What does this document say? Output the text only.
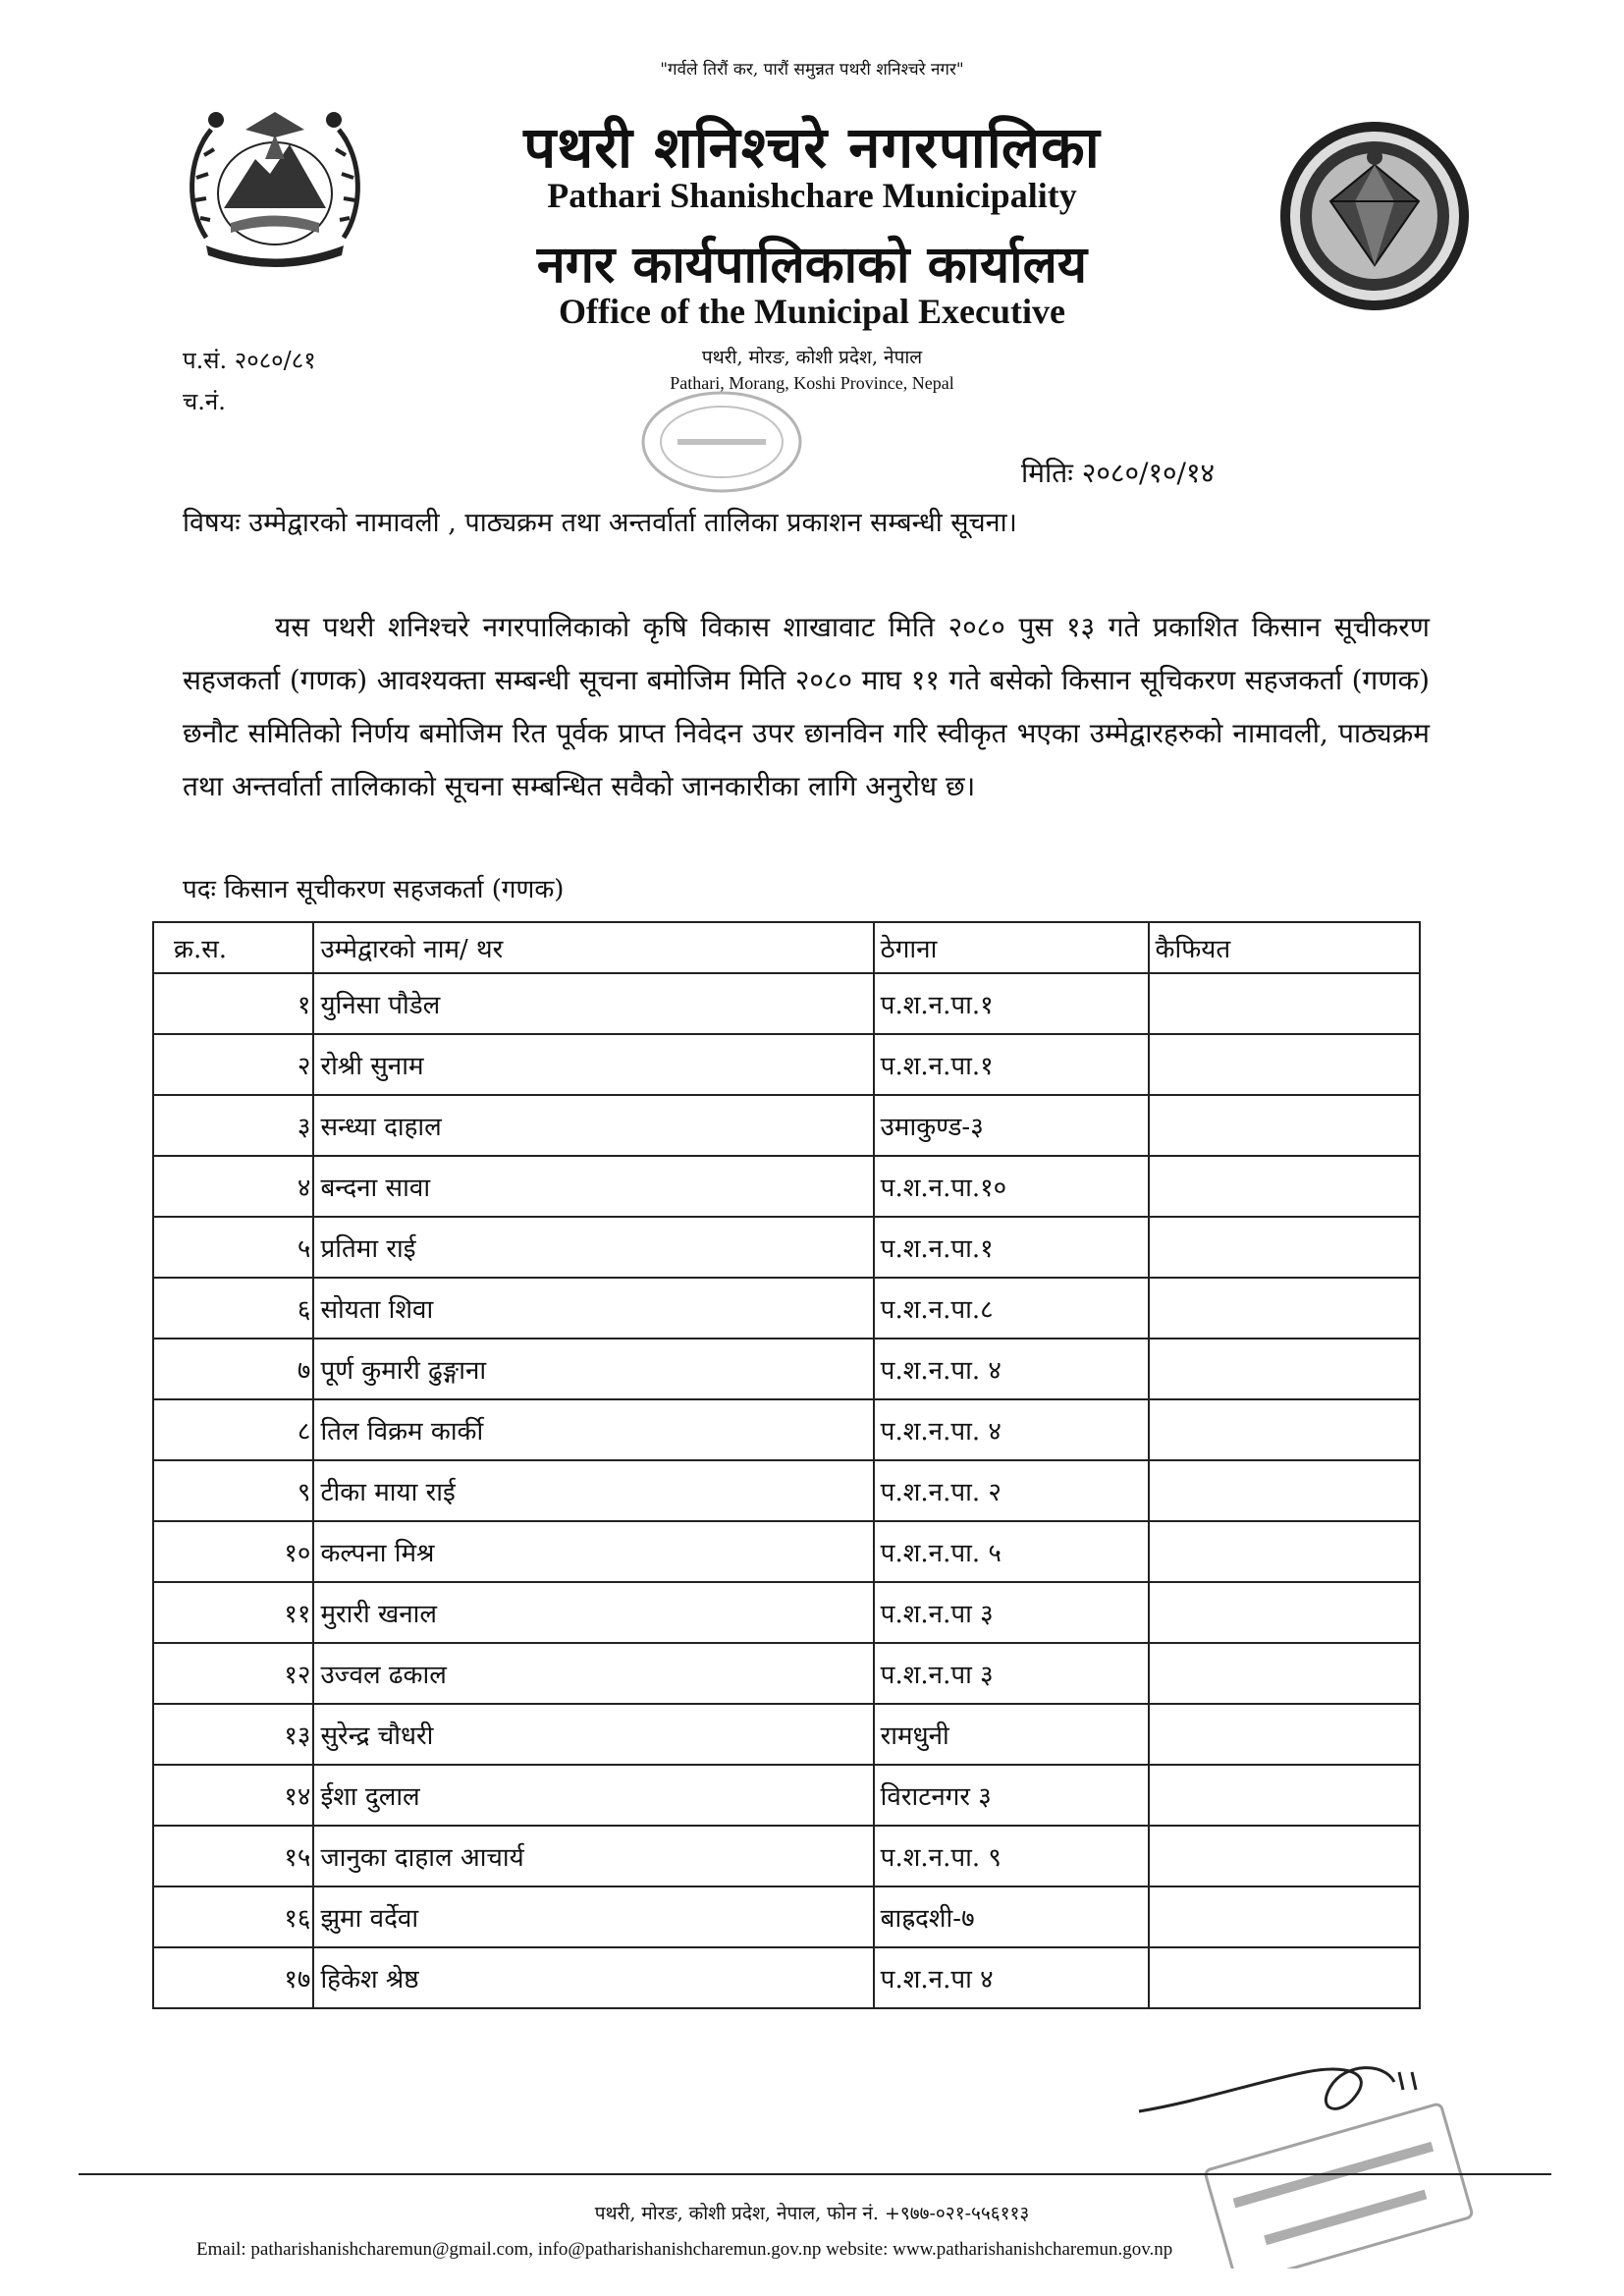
"गर्वले तिरौं कर, पारौं समुन्नत पथरी शनिश्चरे नगर"
पथरी शनिश्चरे नगरपालिका
Pathari Shanishchare Municipality
नगर कार्यपालिकाको कार्यालय
Office of the Municipal Executive
पथरी, मोरङ, कोशी प्रदेश, नेपाल
Pathari, Morang, Koshi Province, Nepal
प.सं. २०८०/८१
च.नं.
मितिः २०८०/१०/१४
विषयः उम्मेद्वारको नामावली , पाठ्यक्रम तथा अन्तर्वार्ता तालिका प्रकाशन सम्बन्धी सूचना।

यस पथरी शनिश्चरे नगरपालिकाको कृषि विकास शाखावाट मिति २०८० पुस १३ गते प्रकाशित किसान सूचीकरण सहजकर्ता (गणक) आवश्यक्ता सम्बन्धी सूचना बमोजिम मिति २०८० माघ ११ गते बसेको किसान सूचिकरण सहजकर्ता (गणक) छनौट समितिको निर्णय बमोजिम रित पूर्वक प्राप्त निवेदन उपर छानविन गरि स्वीकृत भएका उम्मेद्वारहरुको नामावली, पाठ्यक्रम तथा अन्तर्वार्ता तालिकाको सूचना सम्बन्धित सवैको जानकारीका लागि अनुरोध छ।

पदः किसान सूचीकरण सहजकर्ता (गणक)
क्र.स.	उम्मेद्वारको नाम/ थर	ठेगाना	कैफियत
१	युनिसा पौडेल	प.श.न.पा.१	
२	रोश्री सुनाम	प.श.न.पा.१	
३	सन्ध्या दाहाल	उमाकुण्ड-३	
४	बन्दना सावा	प.श.न.पा.१०	
५	प्रतिमा राई	प.श.न.पा.१	
६	सोयता शिवा	प.श.न.पा.८	
७	पूर्ण कुमारी ढुङ्गाना	प.श.न.पा. ४	
८	तिल विक्रम कार्की	प.श.न.पा. ४	
९	टीका माया राई	प.श.न.पा. २	
१०	कल्पना मिश्र	प.श.न.पा. ५	
११	मुरारी खनाल	प.श.न.पा ३	
१२	उज्वल ढकाल	प.श.न.पा ३	
१३	सुरेन्द्र चौधरी	रामधुनी	
१४	ईशा दुलाल	विराटनगर ३	
१५	जानुका दाहाल आचार्य	प.श.न.पा. ९	
१६	झुमा वर्देवा	बाह्रदशी-७	
१७	हिकेश श्रेष्ठ	प.श.न.पा ४	
पथरी, मोरङ, कोशी प्रदेश, नेपाल, फोन नं. +९७७-०२१-५५६११३
Email: patharishanishcharemun@gmail.com, info@patharishanishcharemun.gov.np website: www.patharishanishcharemun.gov.np
